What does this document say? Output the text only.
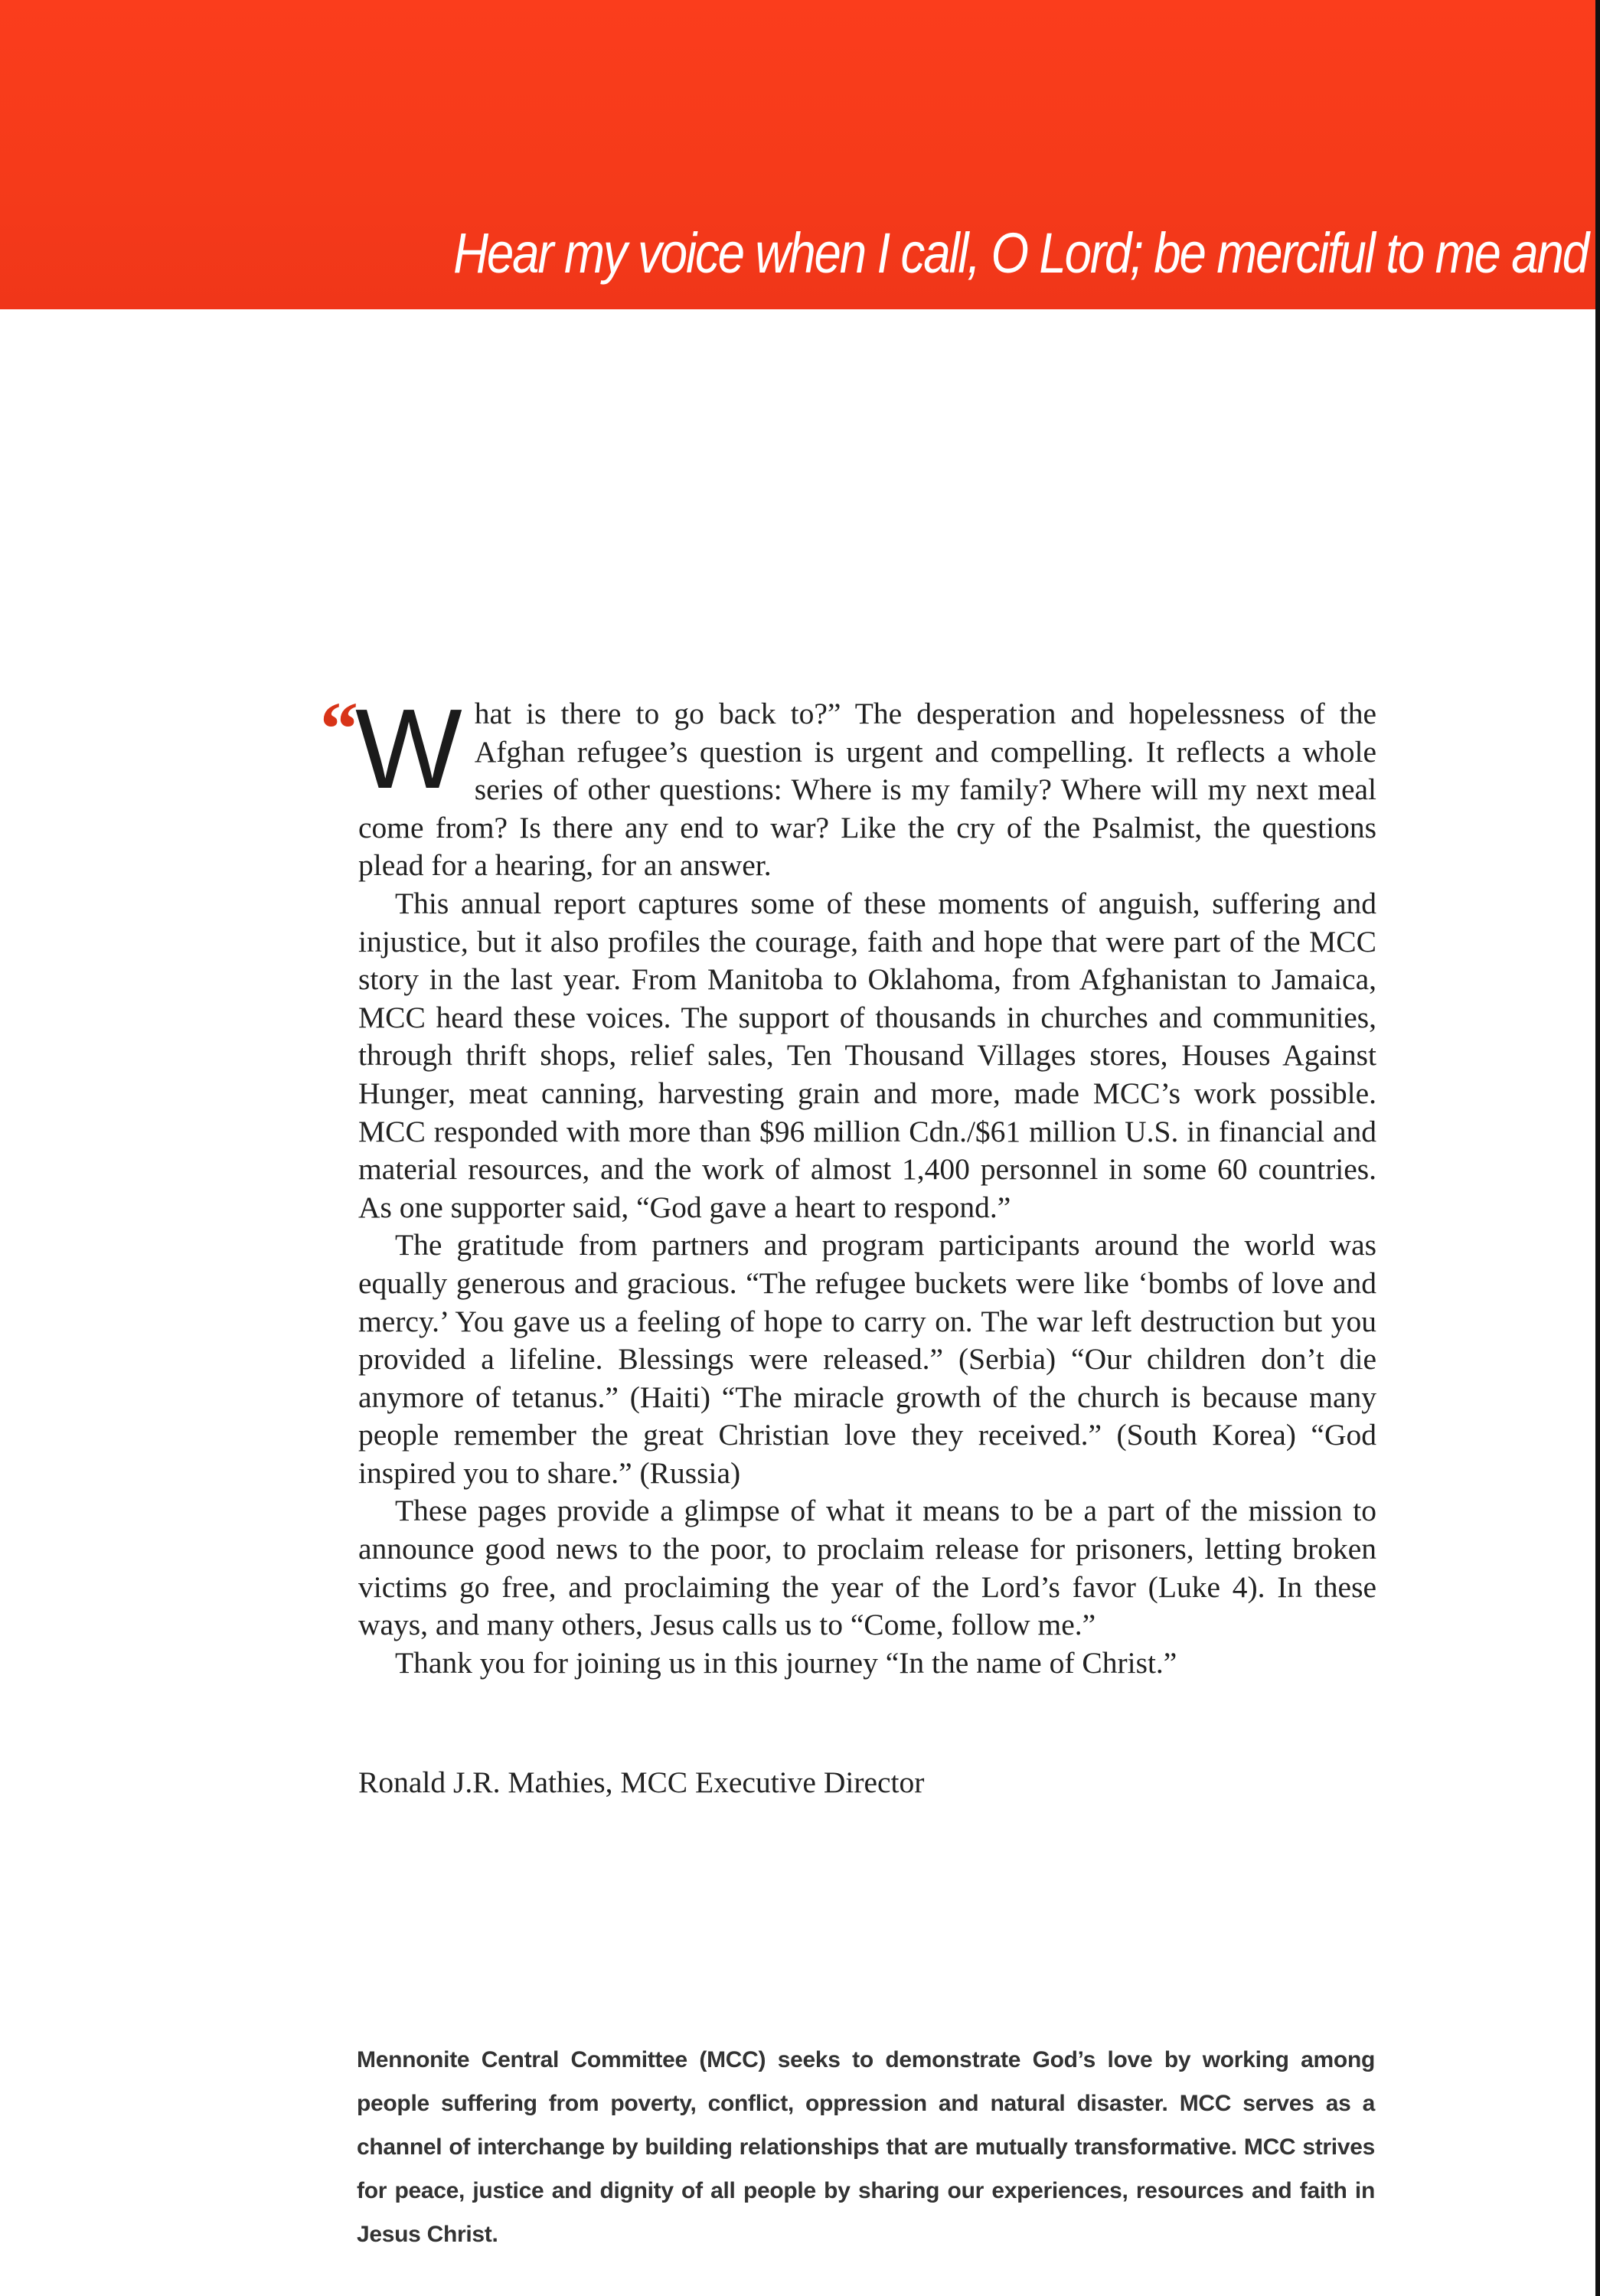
Hear my voice when I call, O Lord; be merciful to me and
“

What is there to go back to?” The desperation and hopelessness of the Afghan refugee’s question is urgent and compelling. It reflects a whole series of other questions: Where is my family? Where will my next meal come from? Is there any end to war? Like the cry of the Psalmist, the questions plead for a hearing, for an answer.

This annual report captures some of these moments of anguish, suffering and injustice, but it also profiles the courage, faith and hope that were part of the MCC story in the last year. From Manitoba to Oklahoma, from Afghanistan to Jamaica, MCC heard these voices. The support of thousands in churches and communities, through thrift shops, relief sales, Ten Thousand Villages stores, Houses Against Hunger, meat canning, harvesting grain and more, made MCC’s work possible. MCC responded with more than $96 million Cdn./$61 million U.S. in financial and material resources, and the work of almost 1,400 personnel in some 60 countries. As one supporter said, “God gave a heart to respond.”

The gratitude from partners and program participants around the world was equally generous and gracious. “The refugee buckets were like ‘bombs of love and mercy.’ You gave us a feeling of hope to carry on. The war left destruction but you provided a lifeline. Blessings were released.” (Serbia) “Our children don’t die anymore of tetanus.” (Haiti) “The miracle growth of the church is because many people remember the great Christian love they received.” (South Korea) “God inspired you to share.” (Russia)

These pages provide a glimpse of what it means to be a part of the mission to announce good news to the poor, to proclaim release for prisoners, letting broken victims go free, and proclaiming the year of the Lord’s favor (Luke 4). In these ways, and many others, Jesus calls us to “Come, follow me.”

Thank you for joining us in this journey “In the name of Christ.”

Ronald J.R. Mathies, MCC Executive Director
Mennonite Central Committee (MCC) seeks to demonstrate God’s love by working among people suffering from poverty, conflict, oppression and natural disaster. MCC serves as a channel of interchange by building relationships that are mutually transformative. MCC strives for peace, justice and dignity of all people by sharing our experiences, resources and faith in Jesus Christ.
